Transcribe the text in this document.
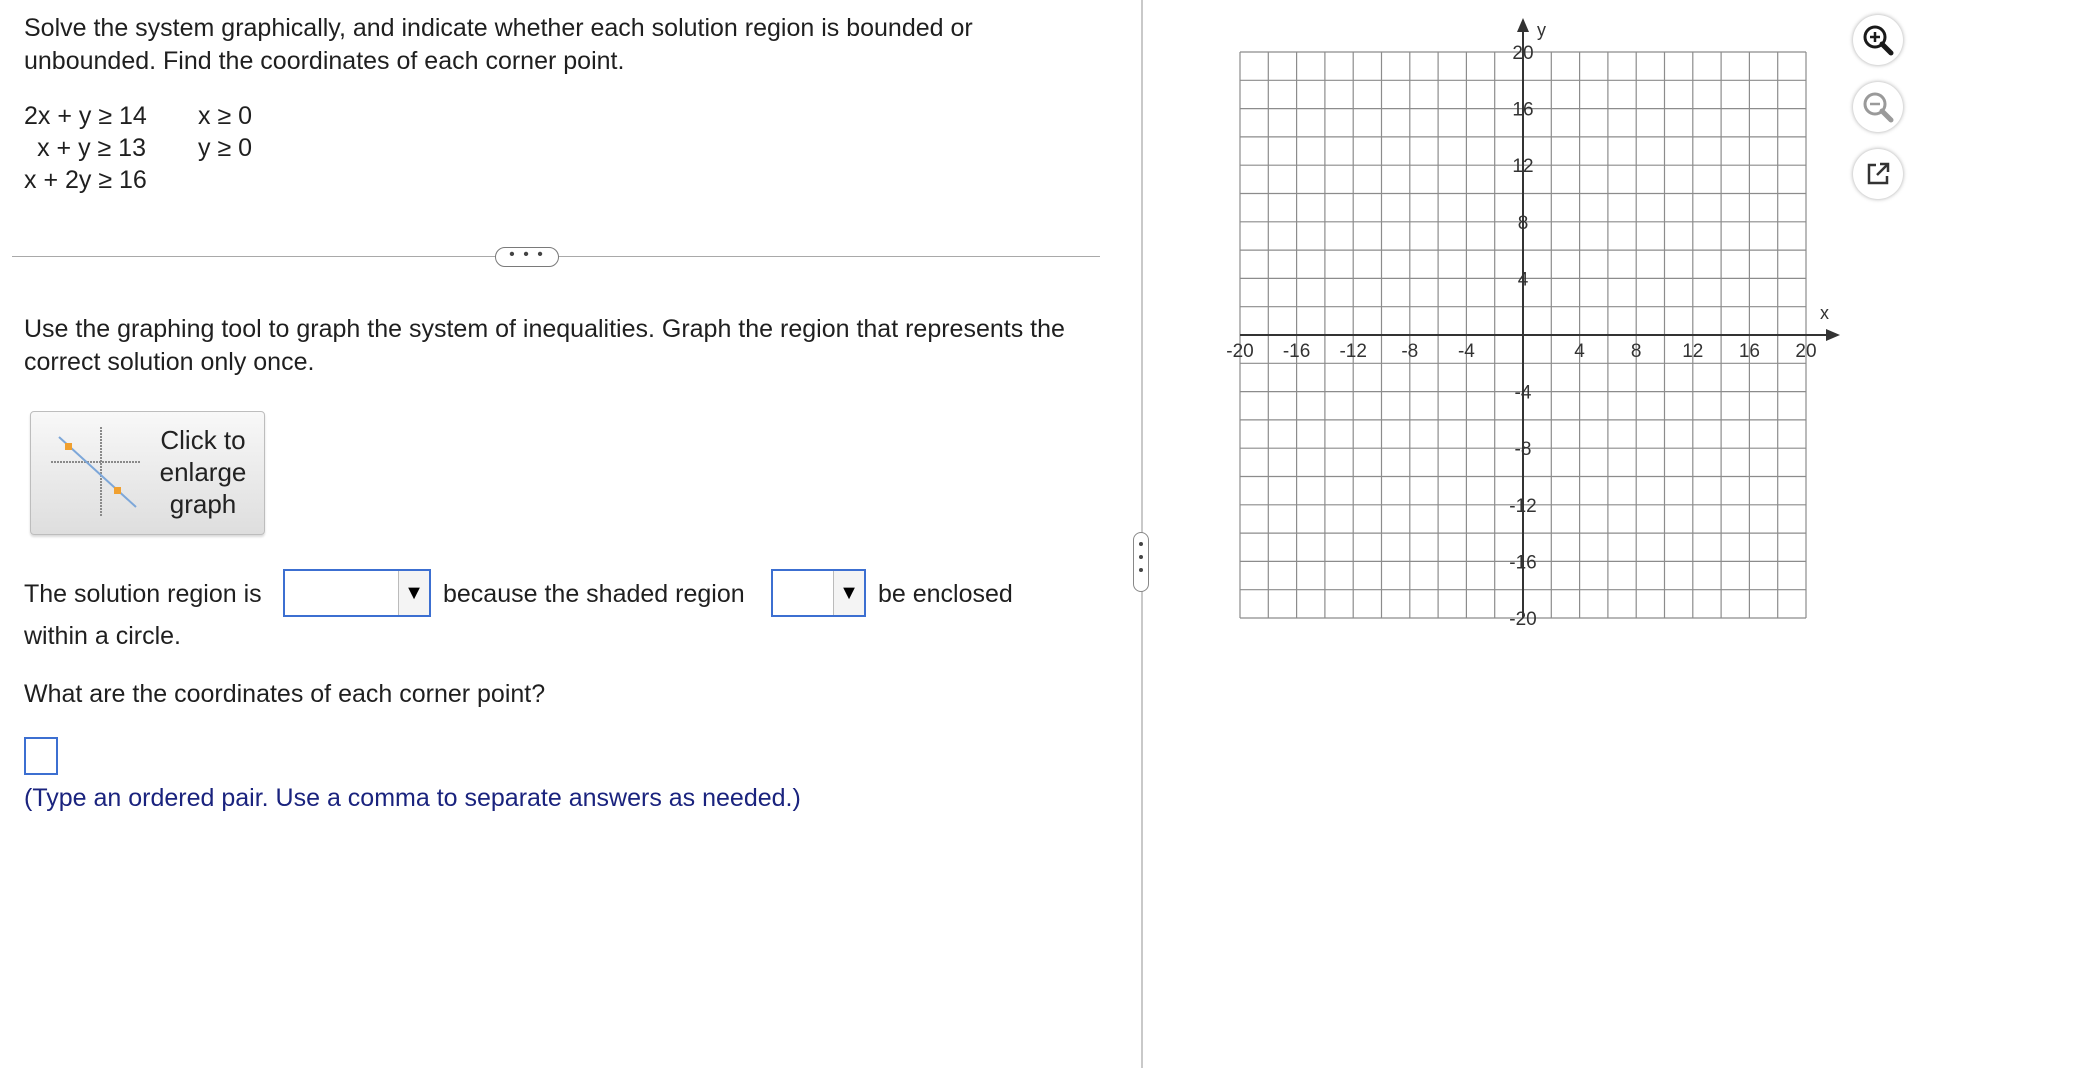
Solve the system graphically, and indicate whether each solution region is bounded or unbounded. Find the coordinates of each corner point.
2x + y ≥ 14
x + y ≥ 13
x + 2y ≥ 16
x ≥ 0
y ≥ 0
• • •
Use the graphing tool to graph the system of inequalities. Graph the region that represents the correct solution only once.
Click to
enlarge
graph
The solution region is	▼ because the shaded region	▼ be enclosed
within a circle.
What are the coordinates of each corner point?
(Type an ordered pair. Use a comma to separate answers as needed.)
x
y
-20 -16 -12 -8 -4	4 8 12 16 20
20
16
12
8
4
-4
-8
-12
-16
-20
